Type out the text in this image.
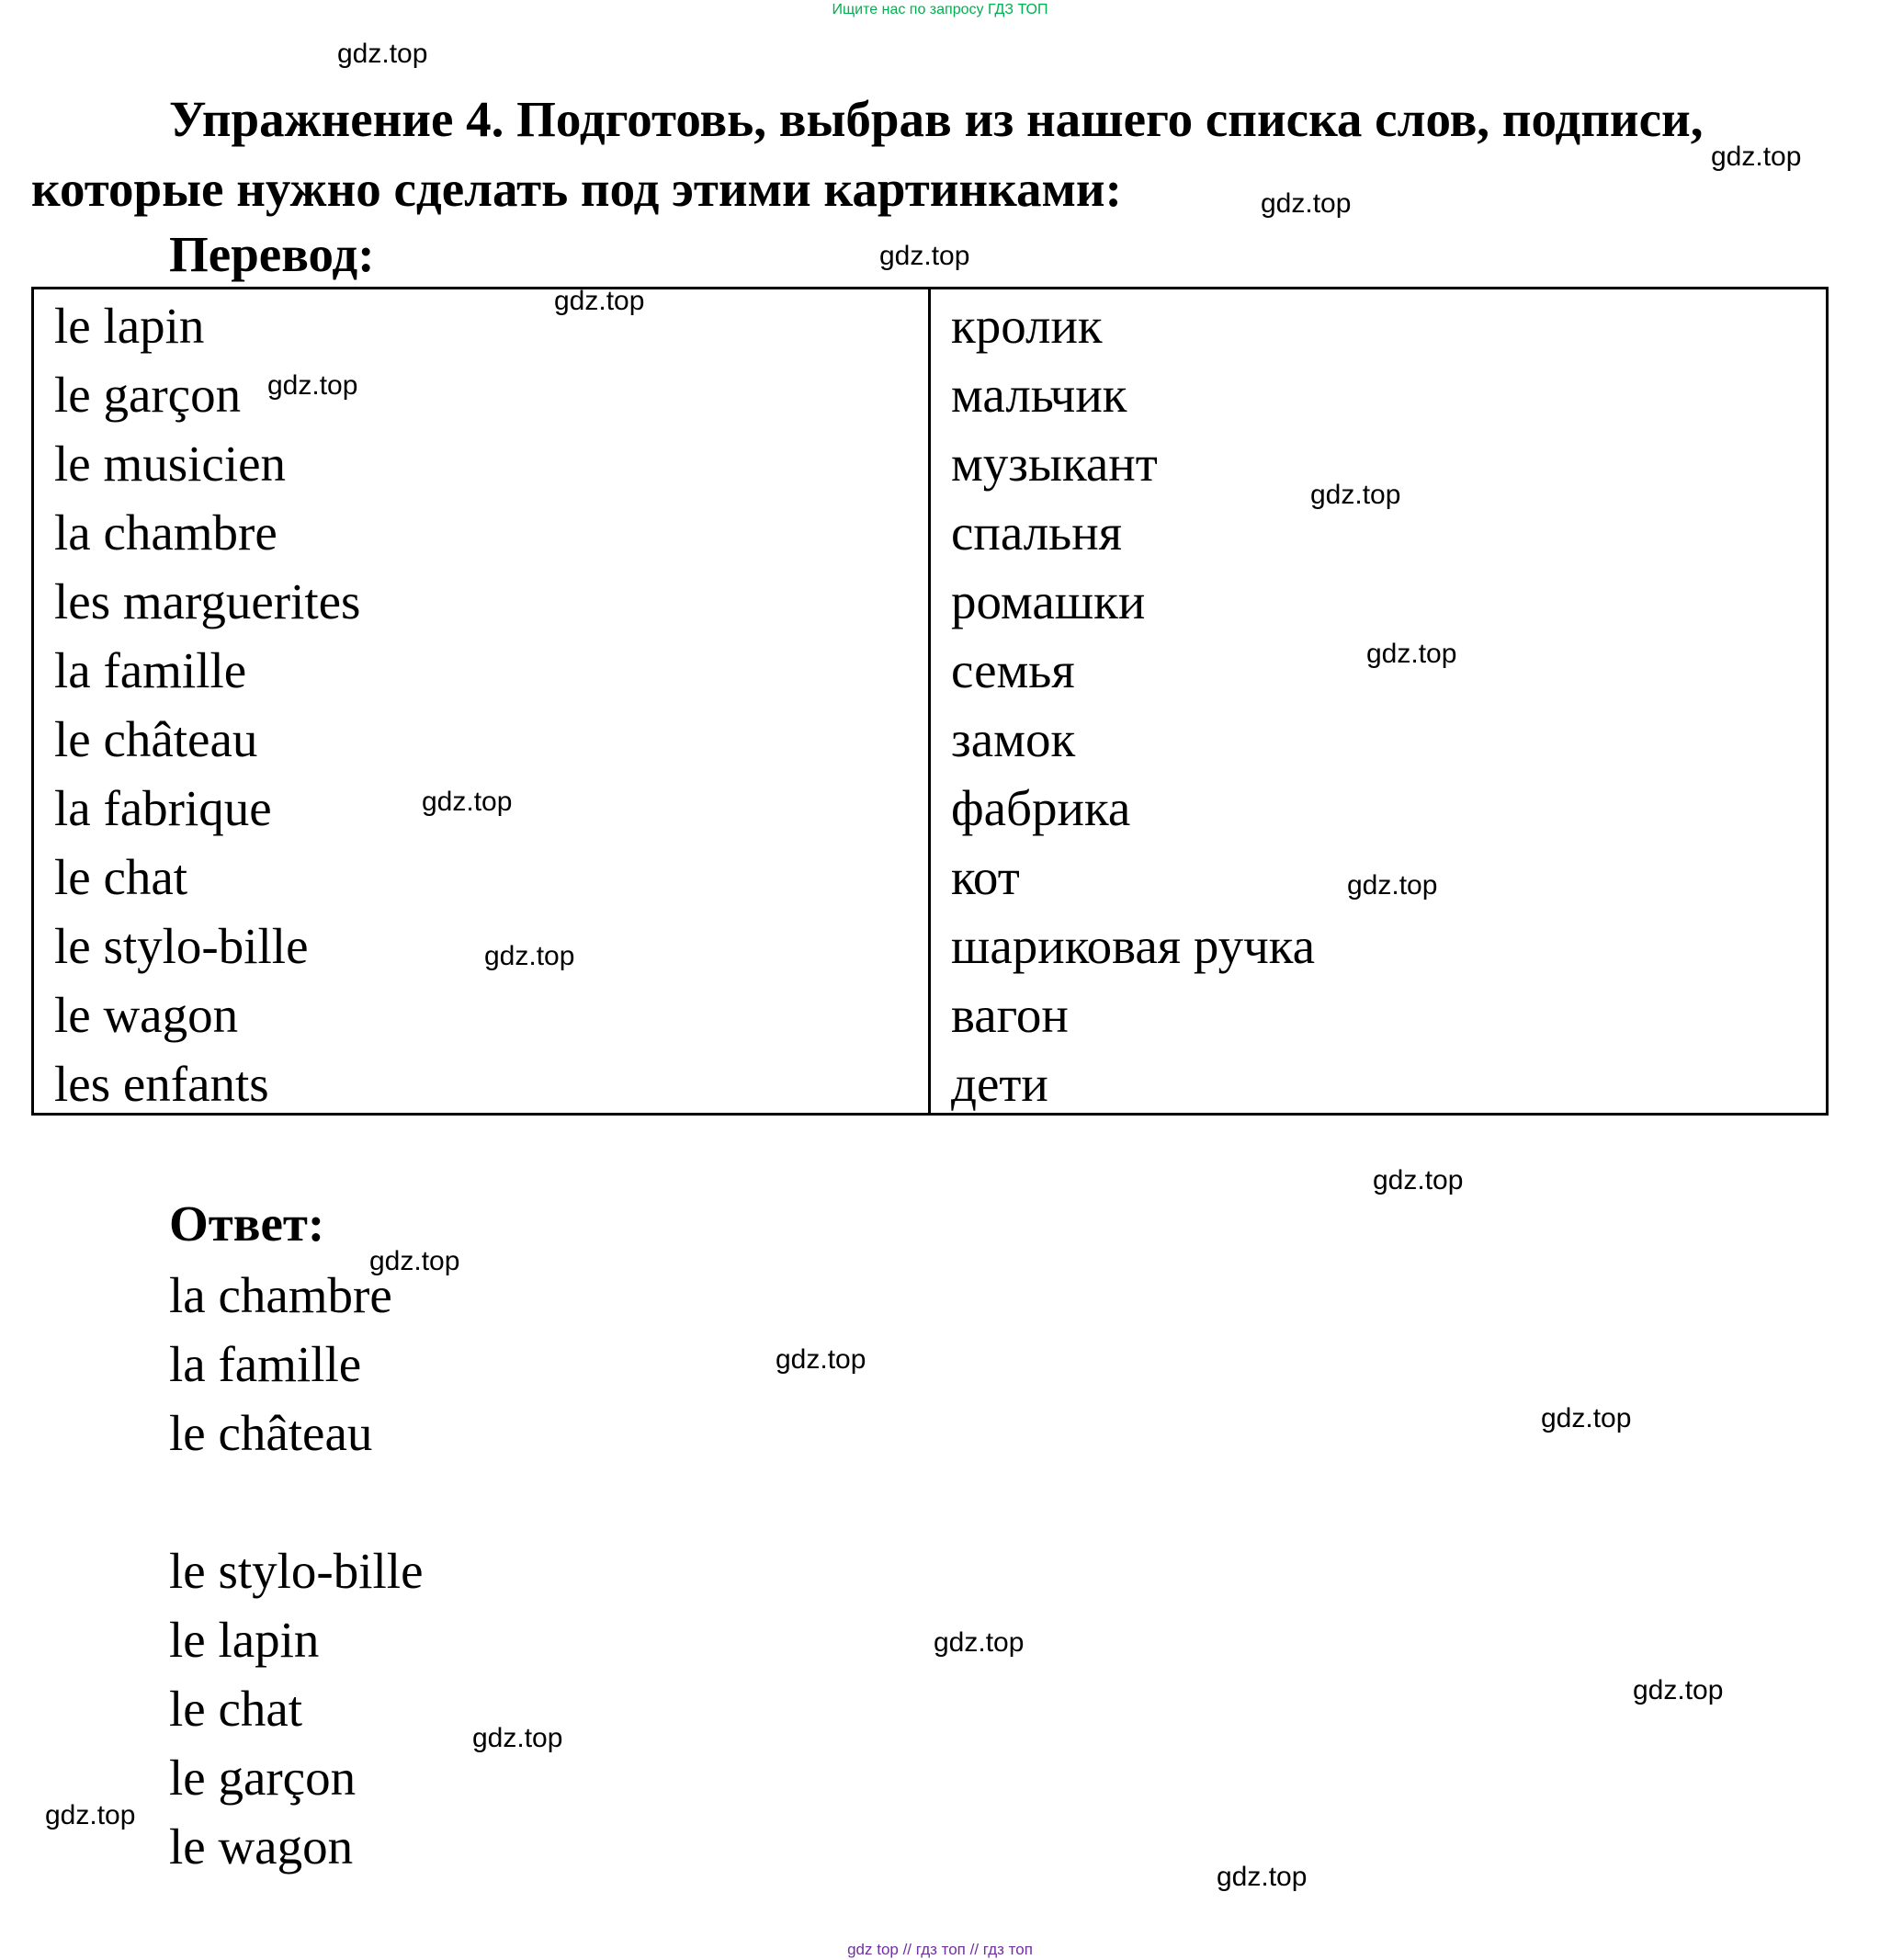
Ищите нас по запросу ГДЗ ТОП
Упражнение 4. Подготовь, выбрав из нашего списка слов, подписи, которые нужно сделать под этими картинками:
Перевод:
le lapin
le garçon
le musicien
la chambre
les marguerites
la famille
le château
la fabrique
le chat
le stylo-bille
le wagon
les enfants
кролик
мальчик
музыкант
спальня
ромашки
семья
замок
фабрика
кот
шариковая ручка
вагон
дети
Ответ:
la chambre
la famille
le château
le stylo-bille
le lapin
le chat
le garçon
le wagon
gdz.top
gdz.top
gdz.top
gdz.top
gdz.top
gdz.top
gdz.top
gdz.top
gdz.top
gdz.top
gdz.top
gdz.top
gdz.top
gdz.top
gdz.top
gdz.top
gdz.top
gdz.top
gdz.top
gdz.top
gdz top // гдз топ // гдз топ
